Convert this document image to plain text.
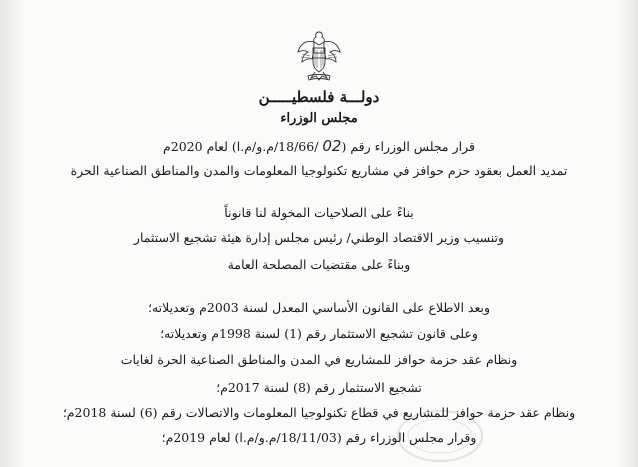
دولـــة فلسطيـــــن
مجلس الوزراء
قرار مجلس الوزراء رقم (02 /18/66/م.و/م.ا) لعام 2020م
تمديد العمل بعقود حزم حوافز في مشاريع تكنولوجيا المعلومات والمدن والمناطق الصناعية الحرة
بناءً على الصلاحيات المخولة لنا قانوناً
وتنسيب وزير الاقتصاد الوطني/ رئيس مجلس إدارة هيئة تشجيع الاستثمار
وبناءً على مقتضيات المصلحة العامة
وبعد الاطلاع على القانون الأساسي المعدل لسنة 2003م وتعديلاته؛
وعلى قانون تشجيع الاستثمار رقم (1) لسنة 1998م وتعديلاته؛
ونظام عقد حزمة حوافز للمشاريع في المدن والمناطق الصناعية الحرة لغايات
تشجيع الاستثمار رقم (8) لسنة 2017م؛
ونظام عقد حزمة حوافز للمشاريع في قطاع تكنولوجيا المعلومات والاتصالات رقم (6) لسنة 2018م؛
وقرار مجلس الوزراء رقم (18/11/03/م.و/م.ا) لعام 2019م؛
